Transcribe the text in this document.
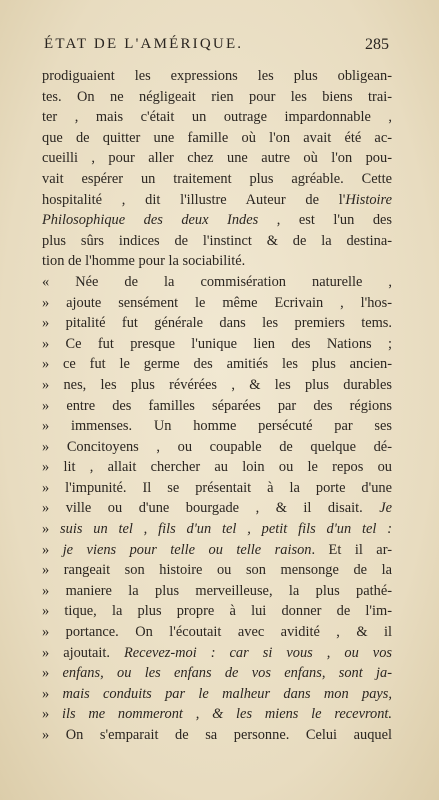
ÉTAT DE L'AMÉRIQUE.	285
prodiguaient les expressions les plus obligean-
tes. On ne négligeait rien pour les biens trai-
ter , mais c'était un outrage impardonnable ,
que de quitter une famille où l'on avait été ac-
cueilli , pour aller chez une autre où l'on pou-
vait espérer un traitement plus agréable. Cette
hospitalité , dit l'illustre Auteur de l'Histoire
Philosophique des deux Indes , est l'un des
plus sûrs indices de l'instinct & de la destina-
tion de l'homme pour la sociabilité.
« Née de la commisération naturelle ,
» ajoute sensément le même Ecrivain , l'hos-
» pitalité fut générale dans les premiers tems.
» Ce fut presque l'unique lien des Nations ;
» ce fut le germe des amitiés les plus ancien-
» nes, les plus révérées , & les plus durables
» entre des familles séparées par des régions
» immenses. Un homme persécuté par ses
» Concitoyens , ou coupable de quelque dé-
» lit , allait chercher au loin ou le repos ou
» l'impunité. Il se présentait à la porte d'une
» ville ou d'une bourgade , & il disait. Je
» suis un tel , fils d'un tel , petit fils d'un tel :
» je viens pour telle ou telle raison. Et il ar-
» rangeait son histoire ou son mensonge de la
» maniere la plus merveilleuse, la plus pathé-
» tique, la plus propre à lui donner de l'im-
» portance. On l'écoutait avec avidité , & il
» ajoutait. Recevez-moi : car si vous , ou vos
» enfans, ou les enfans de vos enfans, sont ja-
» mais conduits par le malheur dans mon pays,
» ils me nommeront , & les miens le recevront.
» On s'emparait de sa personne. Celui auquel
